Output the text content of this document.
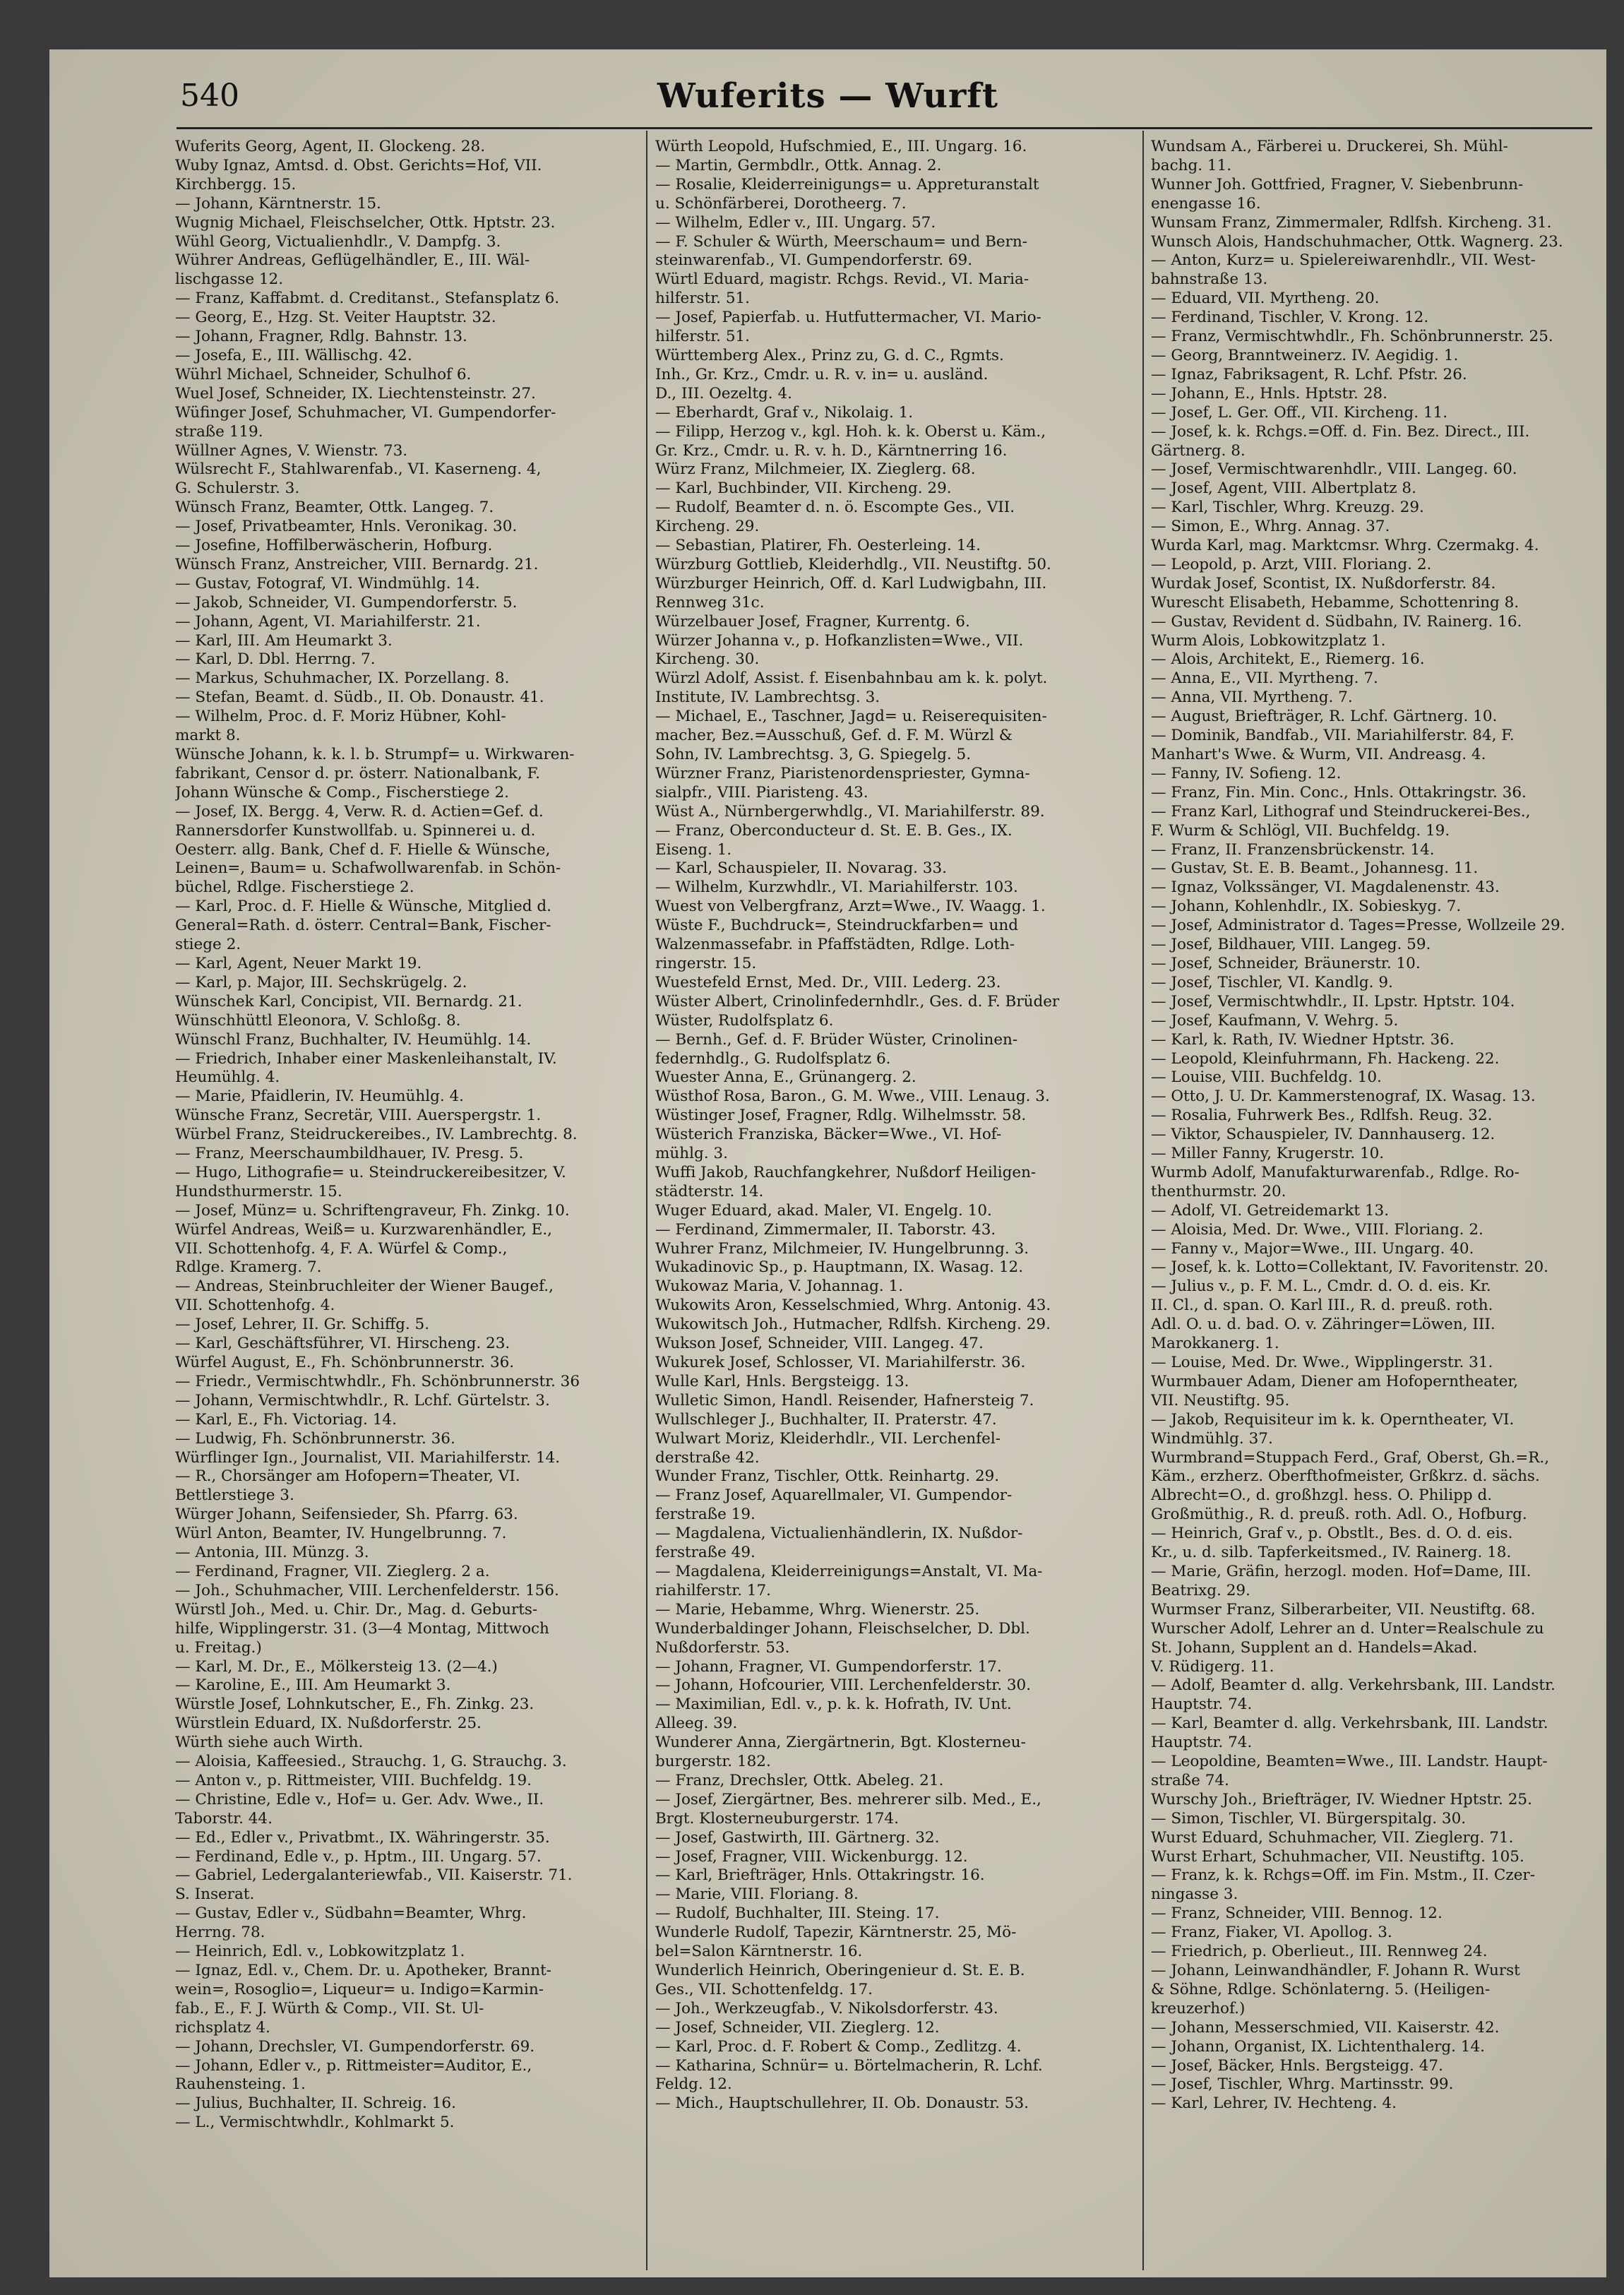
540	Wuferits — Wurft
Wuferits Georg, Agent, II. Glockeng. 28.
Wuby Ignaz, Amtsd. d. Obst. Gerichts=Hof, VII.
Kirchbergg. 15.
— Johann, Kärntnerstr. 15.
Wugnig Michael, Fleischselcher, Ottk. Hptstr. 23.
Wühl Georg, Victualienhdlr., V. Dampfg. 3.
Wührer Andreas, Geflügelhändler, E., III. Wäl-
lischgasse 12.
— Franz, Kaffabmt. d. Creditanst., Stefansplatz 6.
— Georg, E., Hzg. St. Veiter Hauptstr. 32.
— Johann, Fragner, Rdlg. Bahnstr. 13.
— Josefa, E., III. Wällischg. 42.
Wührl Michael, Schneider, Schulhof 6.
Wuel Josef, Schneider, IX. Liechtensteinstr. 27.
Wüfinger Josef, Schuhmacher, VI. Gumpendorfer-
straße 119.
Wüllner Agnes, V. Wienstr. 73.
Wülsrecht F., Stahlwarenfab., VI. Kaserneng. 4,
G. Schulerstr. 3.
Wünsch Franz, Beamter, Ottk. Langeg. 7.
— Josef, Privatbeamter, Hnls. Veronikag. 30.
— Josefine, Hoffilberwäscherin, Hofburg.
Wünsch Franz, Anstreicher, VIII. Bernardg. 21.
— Gustav, Fotograf, VI. Windmühlg. 14.
— Jakob, Schneider, VI. Gumpendorferstr. 5.
— Johann, Agent, VI. Mariahilferstr. 21.
— Karl, III. Am Heumarkt 3.
— Karl, D. Dbl. Herrng. 7.
— Markus, Schuhmacher, IX. Porzellang. 8.
— Stefan, Beamt. d. Südb., II. Ob. Donaustr. 41.
— Wilhelm, Proc. d. F. Moriz Hübner, Kohl-
markt 8.
Wünsche Johann, k. k. l. b. Strumpf= u. Wirkwaren-
fabrikant, Censor d. pr. österr. Nationalbank, F.
Johann Wünsche & Comp., Fischerstiege 2.
— Josef, IX. Bergg. 4, Verw. R. d. Actien=Gef. d.
Rannersdorfer Kunstwollfab. u. Spinnerei u. d.
Oesterr. allg. Bank, Chef d. F. Hielle & Wünsche,
Leinen=, Baum= u. Schafwollwarenfab. in Schön-
büchel, Rdlge. Fischerstiege 2.
— Karl, Proc. d. F. Hielle & Wünsche, Mitglied d.
General=Rath. d. österr. Central=Bank, Fischer-
stiege 2.
— Karl, Agent, Neuer Markt 19.
— Karl, p. Major, III. Sechskrügelg. 2.
Wünschek Karl, Concipist, VII. Bernardg. 21.
Wünschhüttl Eleonora, V. Schloßg. 8.
Wünschl Franz, Buchhalter, IV. Heumühlg. 14.
— Friedrich, Inhaber einer Maskenleihanstalt, IV.
Heumühlg. 4.
— Marie, Pfaidlerin, IV. Heumühlg. 4.
Wünsche Franz, Secretär, VIII. Auerspergstr. 1.
Würbel Franz, Steidruckereibes., IV. Lambrechtg. 8.
— Franz, Meerschaumbildhauer, IV. Presg. 5.
— Hugo, Lithografie= u. Steindruckereibesitzer, V.
Hundsthurmerstr. 15.
— Josef, Münz= u. Schriftengraveur, Fh. Zinkg. 10.
Würfel Andreas, Weiß= u. Kurzwarenhändler, E.,
VII. Schottenhofg. 4, F. A. Würfel & Comp.,
Rdlge. Kramerg. 7.
— Andreas, Steinbruchleiter der Wiener Baugef.,
VII. Schottenhofg. 4.
— Josef, Lehrer, II. Gr. Schiffg. 5.
— Karl, Geschäftsführer, VI. Hirscheng. 23.
Würfel August, E., Fh. Schönbrunnerstr. 36.
— Friedr., Vermischtwhdlr., Fh. Schönbrunnerstr. 36
— Johann, Vermischtwhdlr., R. Lchf. Gürtelstr. 3.
— Karl, E., Fh. Victoriag. 14.
— Ludwig, Fh. Schönbrunnerstr. 36.
Würflinger Ign., Journalist, VII. Mariahilferstr. 14.
— R., Chorsänger am Hofopern=Theater, VI.
Bettlerstiege 3.
Würger Johann, Seifensieder, Sh. Pfarrg. 63.
Würl Anton, Beamter, IV. Hungelbrunng. 7.
— Antonia, III. Münzg. 3.
— Ferdinand, Fragner, VII. Zieglerg. 2 a.
— Joh., Schuhmacher, VIII. Lerchenfelderstr. 156.
Würstl Joh., Med. u. Chir. Dr., Mag. d. Geburts-
hilfe, Wipplingerstr. 31. (3—4 Montag, Mittwoch
u. Freitag.)
— Karl, M. Dr., E., Mölkersteig 13. (2—4.)
— Karoline, E., III. Am Heumarkt 3.
Würstle Josef, Lohnkutscher, E., Fh. Zinkg. 23.
Würstlein Eduard, IX. Nußdorferstr. 25.
Würth siehe auch Wirth.
— Aloisia, Kaffeesied., Strauchg. 1, G. Strauchg. 3.
— Anton v., p. Rittmeister, VIII. Buchfeldg. 19.
— Christine, Edle v., Hof= u. Ger. Adv. Wwe., II.
Taborstr. 44.
— Ed., Edler v., Privatbmt., IX. Währingerstr. 35.
— Ferdinand, Edle v., p. Hptm., III. Ungarg. 57.
— Gabriel, Ledergalanteriewfab., VII. Kaiserstr. 71.
S. Inserat.
— Gustav, Edler v., Südbahn=Beamter, Whrg.
Herrng. 78.
— Heinrich, Edl. v., Lobkowitzplatz 1.
— Ignaz, Edl. v., Chem. Dr. u. Apotheker, Brannt-
wein=, Rosoglio=, Liqueur= u. Indigo=Karmin-
fab., E., F. J. Würth & Comp., VII. St. Ul-
richsplatz 4.
— Johann, Drechsler, VI. Gumpendorferstr. 69.
— Johann, Edler v., p. Rittmeister=Auditor, E.,
Rauhensteing. 1.
— Julius, Buchhalter, II. Schreig. 16.
— L., Vermischtwhdlr., Kohlmarkt 5.
Würth Leopold, Hufschmied, E., III. Ungarg. 16.
— Martin, Germbdlr., Ottk. Annag. 2.
— Rosalie, Kleiderreinigungs= u. Appreturanstalt
u. Schönfärberei, Dorotheerg. 7.
— Wilhelm, Edler v., III. Ungarg. 57.
— F. Schuler & Würth, Meerschaum= und Bern-
steinwarenfab., VI. Gumpendorferstr. 69.
Würtl Eduard, magistr. Rchgs. Revid., VI. Maria-
hilferstr. 51.
— Josef, Papierfab. u. Hutfuttermacher, VI. Mario-
hilferstr. 51.
Württemberg Alex., Prinz zu, G. d. C., Rgmts.
Inh., Gr. Krz., Cmdr. u. R. v. in= u. ausländ.
D., III. Oezeltg. 4.
— Eberhardt, Graf v., Nikolaig. 1.
— Filipp, Herzog v., kgl. Hoh. k. k. Oberst u. Käm.,
Gr. Krz., Cmdr. u. R. v. h. D., Kärntnerring 16.
Würz Franz, Milchmeier, IX. Zieglerg. 68.
— Karl, Buchbinder, VII. Kircheng. 29.
— Rudolf, Beamter d. n. ö. Escompte Ges., VII.
Kircheng. 29.
— Sebastian, Platirer, Fh. Oesterleing. 14.
Würzburg Gottlieb, Kleiderhdlg., VII. Neustiftg. 50.
Würzburger Heinrich, Off. d. Karl Ludwigbahn, III.
Rennweg 31c.
Würzelbauer Josef, Fragner, Kurrentg. 6.
Würzer Johanna v., p. Hofkanzlisten=Wwe., VII.
Kircheng. 30.
Würzl Adolf, Assist. f. Eisenbahnbau am k. k. polyt.
Institute, IV. Lambrechtsg. 3.
— Michael, E., Taschner, Jagd= u. Reiserequisiten-
macher, Bez.=Ausschuß, Gef. d. F. M. Würzl &
Sohn, IV. Lambrechtsg. 3, G. Spiegelg. 5.
Würzner Franz, Piaristenordenspriester, Gymna-
sialpfr., VIII. Piaristeng. 43.
Wüst A., Nürnbergerwhdlg., VI. Mariahilferstr. 89.
— Franz, Oberconducteur d. St. E. B. Ges., IX.
Eiseng. 1.
— Karl, Schauspieler, II. Novarag. 33.
— Wilhelm, Kurzwhdlr., VI. Mariahilferstr. 103.
Wuest von Velbergfranz, Arzt=Wwe., IV. Waagg. 1.
Wüste F., Buchdruck=, Steindruckfarben= und
Walzenmassefabr. in Pfaffstädten, Rdlge. Loth-
ringerstr. 15.
Wuestefeld Ernst, Med. Dr., VIII. Lederg. 23.
Wüster Albert, Crinolinfedernhdlr., Ges. d. F. Brüder
Wüster, Rudolfsplatz 6.
— Bernh., Gef. d. F. Brüder Wüster, Crinolinen-
federnhdlg., G. Rudolfsplatz 6.
Wuester Anna, E., Grünangerg. 2.
Wüsthof Rosa, Baron., G. M. Wwe., VIII. Lenaug. 3.
Wüstinger Josef, Fragner, Rdlg. Wilhelmsstr. 58.
Wüsterich Franziska, Bäcker=Wwe., VI. Hof-
mühlg. 3.
Wuffi Jakob, Rauchfangkehrer, Nußdorf Heiligen-
städterstr. 14.
Wuger Eduard, akad. Maler, VI. Engelg. 10.
— Ferdinand, Zimmermaler, II. Taborstr. 43.
Wuhrer Franz, Milchmeier, IV. Hungelbrunng. 3.
Wukadinovic Sp., p. Hauptmann, IX. Wasag. 12.
Wukowaz Maria, V. Johannag. 1.
Wukowits Aron, Kesselschmied, Whrg. Antonig. 43.
Wukowitsch Joh., Hutmacher, Rdlfsh. Kircheng. 29.
Wukson Josef, Schneider, VIII. Langeg. 47.
Wukurek Josef, Schlosser, VI. Mariahilferstr. 36.
Wulle Karl, Hnls. Bergsteigg. 13.
Wulletic Simon, Handl. Reisender, Hafnersteig 7.
Wullschleger J., Buchhalter, II. Praterstr. 47.
Wulwart Moriz, Kleiderhdlr., VII. Lerchenfel-
derstraße 42.
Wunder Franz, Tischler, Ottk. Reinhartg. 29.
— Franz Josef, Aquarellmaler, VI. Gumpendor-
ferstraße 19.
— Magdalena, Victualienhändlerin, IX. Nußdor-
ferstraße 49.
— Magdalena, Kleiderreinigungs=Anstalt, VI. Ma-
riahilferstr. 17.
— Marie, Hebamme, Whrg. Wienerstr. 25.
Wunderbaldinger Johann, Fleischselcher, D. Dbl.
Nußdorferstr. 53.
— Johann, Fragner, VI. Gumpendorferstr. 17.
— Johann, Hofcourier, VIII. Lerchenfelderstr. 30.
— Maximilian, Edl. v., p. k. k. Hofrath, IV. Unt.
Alleeg. 39.
Wunderer Anna, Ziergärtnerin, Bgt. Klosterneu-
burgerstr. 182.
— Franz, Drechsler, Ottk. Abeleg. 21.
— Josef, Ziergärtner, Bes. mehrerer silb. Med., E.,
Brgt. Klosterneuburgerstr. 174.
— Josef, Gastwirth, III. Gärtnerg. 32.
— Josef, Fragner, VIII. Wickenburgg. 12.
— Karl, Briefträger, Hnls. Ottakringstr. 16.
— Marie, VIII. Floriang. 8.
— Rudolf, Buchhalter, III. Steing. 17.
Wunderle Rudolf, Tapezir, Kärntnerstr. 25, Mö-
bel=Salon Kärntnerstr. 16.
Wunderlich Heinrich, Oberingenieur d. St. E. B.
Ges., VII. Schottenfeldg. 17.
— Joh., Werkzeugfab., V. Nikolsdorferstr. 43.
— Josef, Schneider, VII. Zieglerg. 12.
— Karl, Proc. d. F. Robert & Comp., Zedlitzg. 4.
— Katharina, Schnür= u. Börtelmacherin, R. Lchf.
Feldg. 12.
— Mich., Hauptschullehrer, II. Ob. Donaustr. 53.
Wundsam A., Färberei u. Druckerei, Sh. Mühl-
bachg. 11.
Wunner Joh. Gottfried, Fragner, V. Siebenbrunn-
enengasse 16.
Wunsam Franz, Zimmermaler, Rdlfsh. Kircheng. 31.
Wunsch Alois, Handschuhmacher, Ottk. Wagnerg. 23.
— Anton, Kurz= u. Spielereiwarenhdlr., VII. West-
bahnstraße 13.
— Eduard, VII. Myrtheng. 20.
— Ferdinand, Tischler, V. Krong. 12.
— Franz, Vermischtwhdlr., Fh. Schönbrunnerstr. 25.
— Georg, Branntweinerz. IV. Aegidig. 1.
— Ignaz, Fabriksagent, R. Lchf. Pfstr. 26.
— Johann, E., Hnls. Hptstr. 28.
— Josef, L. Ger. Off., VII. Kircheng. 11.
— Josef, k. k. Rchgs.=Off. d. Fin. Bez. Direct., III.
Gärtnerg. 8.
— Josef, Vermischtwarenhdlr., VIII. Langeg. 60.
— Josef, Agent, VIII. Albertplatz 8.
— Karl, Tischler, Whrg. Kreuzg. 29.
— Simon, E., Whrg. Annag. 37.
Wurda Karl, mag. Marktcmsr. Whrg. Czermakg. 4.
— Leopold, p. Arzt, VIII. Floriang. 2.
Wurdak Josef, Scontist, IX. Nußdorferstr. 84.
Wurescht Elisabeth, Hebamme, Schottenring 8.
— Gustav, Revident d. Südbahn, IV. Rainerg. 16.
Wurm Alois, Lobkowitzplatz 1.
— Alois, Architekt, E., Riemerg. 16.
— Anna, E., VII. Myrtheng. 7.
— Anna, VII. Myrtheng. 7.
— August, Briefträger, R. Lchf. Gärtnerg. 10.
— Dominik, Bandfab., VII. Mariahilferstr. 84, F.
Manhart's Wwe. & Wurm, VII. Andreasg. 4.
— Fanny, IV. Sofieng. 12.
— Franz, Fin. Min. Conc., Hnls. Ottakringstr. 36.
— Franz Karl, Lithograf und Steindruckerei-Bes.,
F. Wurm & Schlögl, VII. Buchfeldg. 19.
— Franz, II. Franzensbrückenstr. 14.
— Gustav, St. E. B. Beamt., Johannesg. 11.
— Ignaz, Volkssänger, VI. Magdalenenstr. 43.
— Johann, Kohlenhdlr., IX. Sobieskyg. 7.
— Josef, Administrator d. Tages=Presse, Wollzeile 29.
— Josef, Bildhauer, VIII. Langeg. 59.
— Josef, Schneider, Bräunerstr. 10.
— Josef, Tischler, VI. Kandlg. 9.
— Josef, Vermischtwhdlr., II. Lpstr. Hptstr. 104.
— Josef, Kaufmann, V. Wehrg. 5.
— Karl, k. Rath, IV. Wiedner Hptstr. 36.
— Leopold, Kleinfuhrmann, Fh. Hackeng. 22.
— Louise, VIII. Buchfeldg. 10.
— Otto, J. U. Dr. Kammerstenograf, IX. Wasag. 13.
— Rosalia, Fuhrwerk Bes., Rdlfsh. Reug. 32.
— Viktor, Schauspieler, IV. Dannhauserg. 12.
— Miller Fanny, Krugerstr. 10.
Wurmb Adolf, Manufakturwarenfab., Rdlge. Ro-
thenthurmstr. 20.
— Adolf, VI. Getreidemarkt 13.
— Aloisia, Med. Dr. Wwe., VIII. Floriang. 2.
— Fanny v., Major=Wwe., III. Ungarg. 40.
— Josef, k. k. Lotto=Collektant, IV. Favoritenstr. 20.
— Julius v., p. F. M. L., Cmdr. d. O. d. eis. Kr.
II. Cl., d. span. O. Karl III., R. d. preuß. roth.
Adl. O. u. d. bad. O. v. Zähringer=Löwen, III.
Marokkanerg. 1.
— Louise, Med. Dr. Wwe., Wipplingerstr. 31.
Wurmbauer Adam, Diener am Hofoperntheater,
VII. Neustiftg. 95.
— Jakob, Requisiteur im k. k. Operntheater, VI.
Windmühlg. 37.
Wurmbrand=Stuppach Ferd., Graf, Oberst, Gh.=R.,
Käm., erzherz. Oberfthofmeister, Grßkrz. d. sächs.
Albrecht=O., d. großhzgl. hess. O. Philipp d.
Großmüthig., R. d. preuß. roth. Adl. O., Hofburg.
— Heinrich, Graf v., p. Obstlt., Bes. d. O. d. eis.
Kr., u. d. silb. Tapferkeitsmed., IV. Rainerg. 18.
— Marie, Gräfin, herzogl. moden. Hof=Dame, III.
Beatrixg. 29.
Wurmser Franz, Silberarbeiter, VII. Neustiftg. 68.
Wurscher Adolf, Lehrer an d. Unter=Realschule zu
St. Johann, Supplent an d. Handels=Akad.
V. Rüdigerg. 11.
— Adolf, Beamter d. allg. Verkehrsbank, III. Landstr.
Hauptstr. 74.
— Karl, Beamter d. allg. Verkehrsbank, III. Landstr.
Hauptstr. 74.
— Leopoldine, Beamten=Wwe., III. Landstr. Haupt-
straße 74.
Wurschy Joh., Briefträger, IV. Wiedner Hptstr. 25.
— Simon, Tischler, VI. Bürgerspitalg. 30.
Wurst Eduard, Schuhmacher, VII. Zieglerg. 71.
Wurst Erhart, Schuhmacher, VII. Neustiftg. 105.
— Franz, k. k. Rchgs=Off. im Fin. Mstm., II. Czer-
ningasse 3.
— Franz, Schneider, VIII. Bennog. 12.
— Franz, Fiaker, VI. Apollog. 3.
— Friedrich, p. Oberlieut., III. Rennweg 24.
— Johann, Leinwandhändler, F. Johann R. Wurst
& Söhne, Rdlge. Schönlaterng. 5. (Heiligen-
kreuzerhof.)
— Johann, Messerschmied, VII. Kaiserstr. 42.
— Johann, Organist, IX. Lichtenthalerg. 14.
— Josef, Bäcker, Hnls. Bergsteigg. 47.
— Josef, Tischler, Whrg. Martinsstr. 99.
— Karl, Lehrer, IV. Hechteng. 4.
